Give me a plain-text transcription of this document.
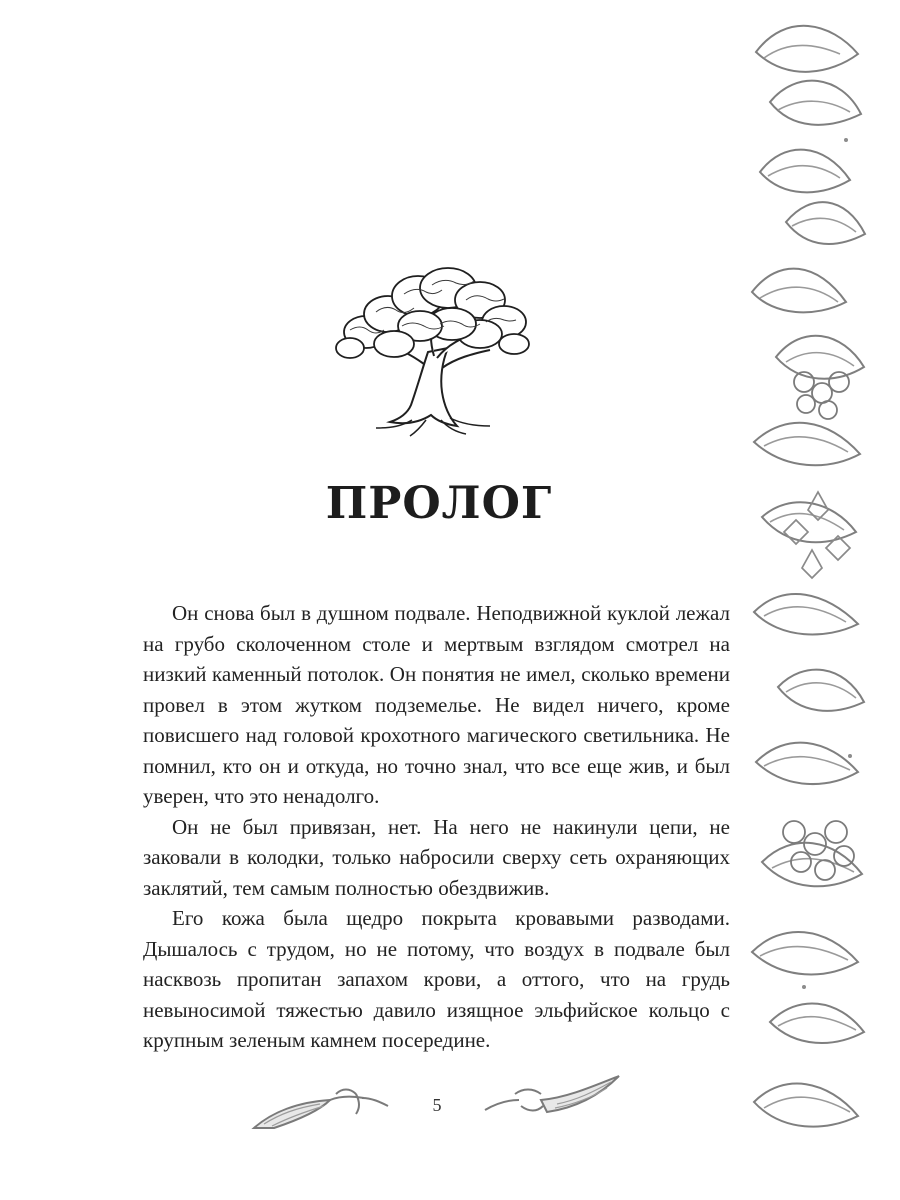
ПРОЛОГ

Он снова был в душном подвале. Неподвижной куклой лежал на грубо сколоченном столе и мертвым взглядом смотрел на низкий каменный потолок. Он понятия не имел, сколько времени провел в этом жутком подземелье. Не видел ничего, кроме повисшего над головой крохотного магического светильника. Не помнил, кто он и откуда, но точно знал, что все еще жив, и был уверен, что это ненадолго.

Он не был привязан, нет. На него не накинули цепи, не заковали в колодки, только набросили сверху сеть охраняющих заклятий, тем самым полностью обездвижив.

Его кожа была щедро покрыта кровавыми разводами. Дышалось с трудом, но не потому, что воздух в подвале был насквозь пропитан запахом крови, а оттого, что на грудь невыносимой тяжестью давило изящное эльфийское кольцо с крупным зеленым камнем посередине.

5
